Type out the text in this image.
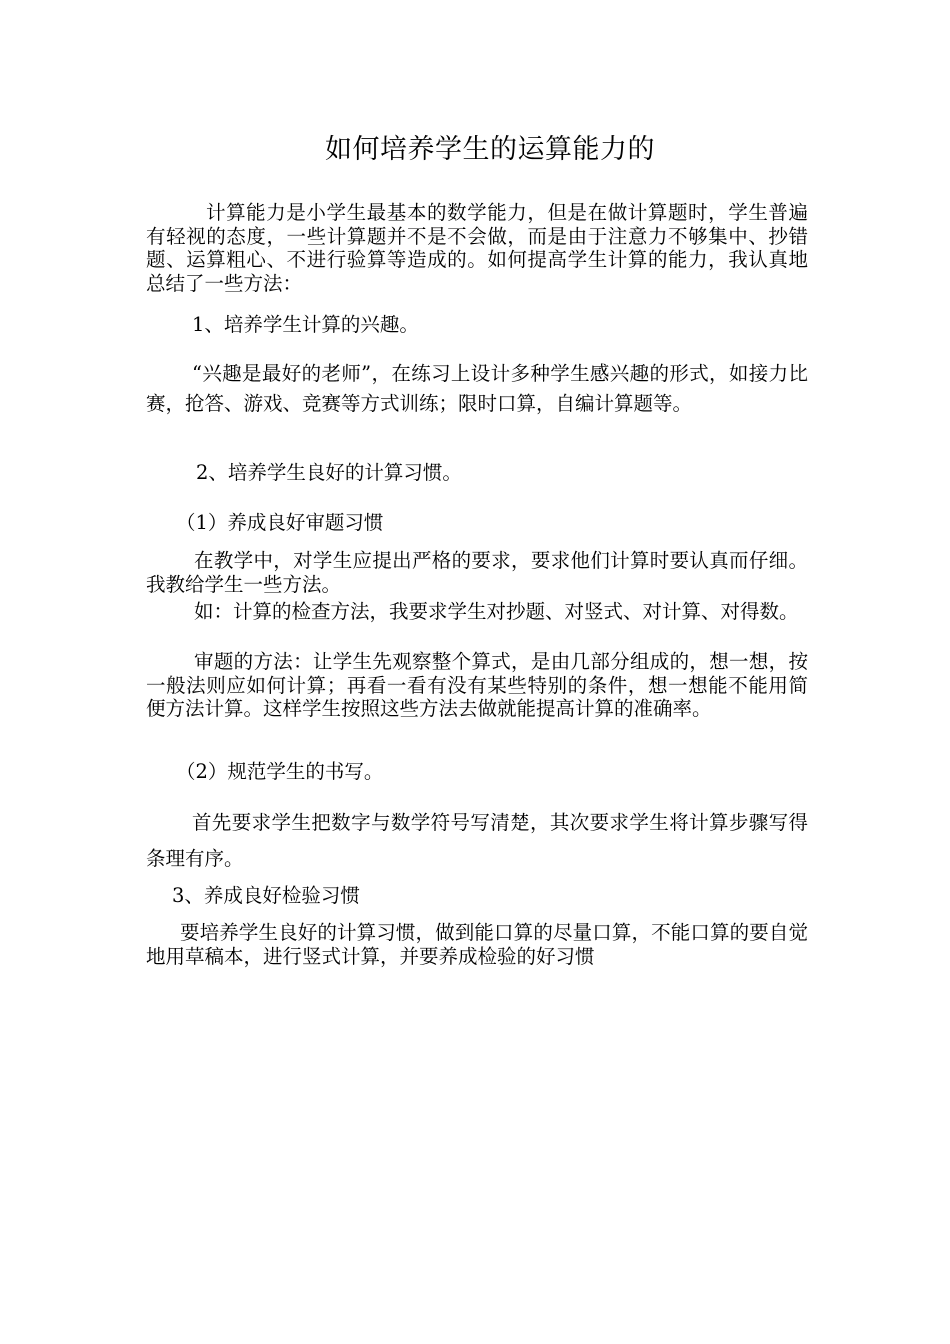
如何培养学生的运算能力的

计算能力是小学生最基本的数学能力，但是在做计算题时，学生普遍有轻视的态度，一些计算题并不是不会做，而是由于注意力不够集中、抄错题、运算粗心、不进行验算等造成的。如何提高学生计算的能力，我认真地总结了一些方法：

1、培养学生计算的兴趣。

“兴趣是最好的老师”，在练习上设计多种学生感兴趣的形式，如接力比赛，抢答、游戏、竞赛等方式训练；限时口算，自编计算题等。

2、培养学生良好的计算习惯。

（1）养成良好审题习惯

在教学中，对学生应提出严格的要求，要求他们计算时要认真而仔细。我教给学生一些方法。

如：计算的检查方法，我要求学生对抄题、对竖式、对计算、对得数。

审题的方法：让学生先观察整个算式，是由几部分组成的，想一想，按一般法则应如何计算；再看一看有没有某些特别的条件，想一想能不能用简便方法计算。这样学生按照这些方法去做就能提高计算的准确率。

（2）规范学生的书写。

首先要求学生把数字与数学符号写清楚，其次要求学生将计算步骤写得条理有序。

3、养成良好检验习惯

要培养学生良好的计算习惯，做到能口算的尽量口算，不能口算的要自觉地用草稿本，进行竖式计算，并要养成检验的好习惯
